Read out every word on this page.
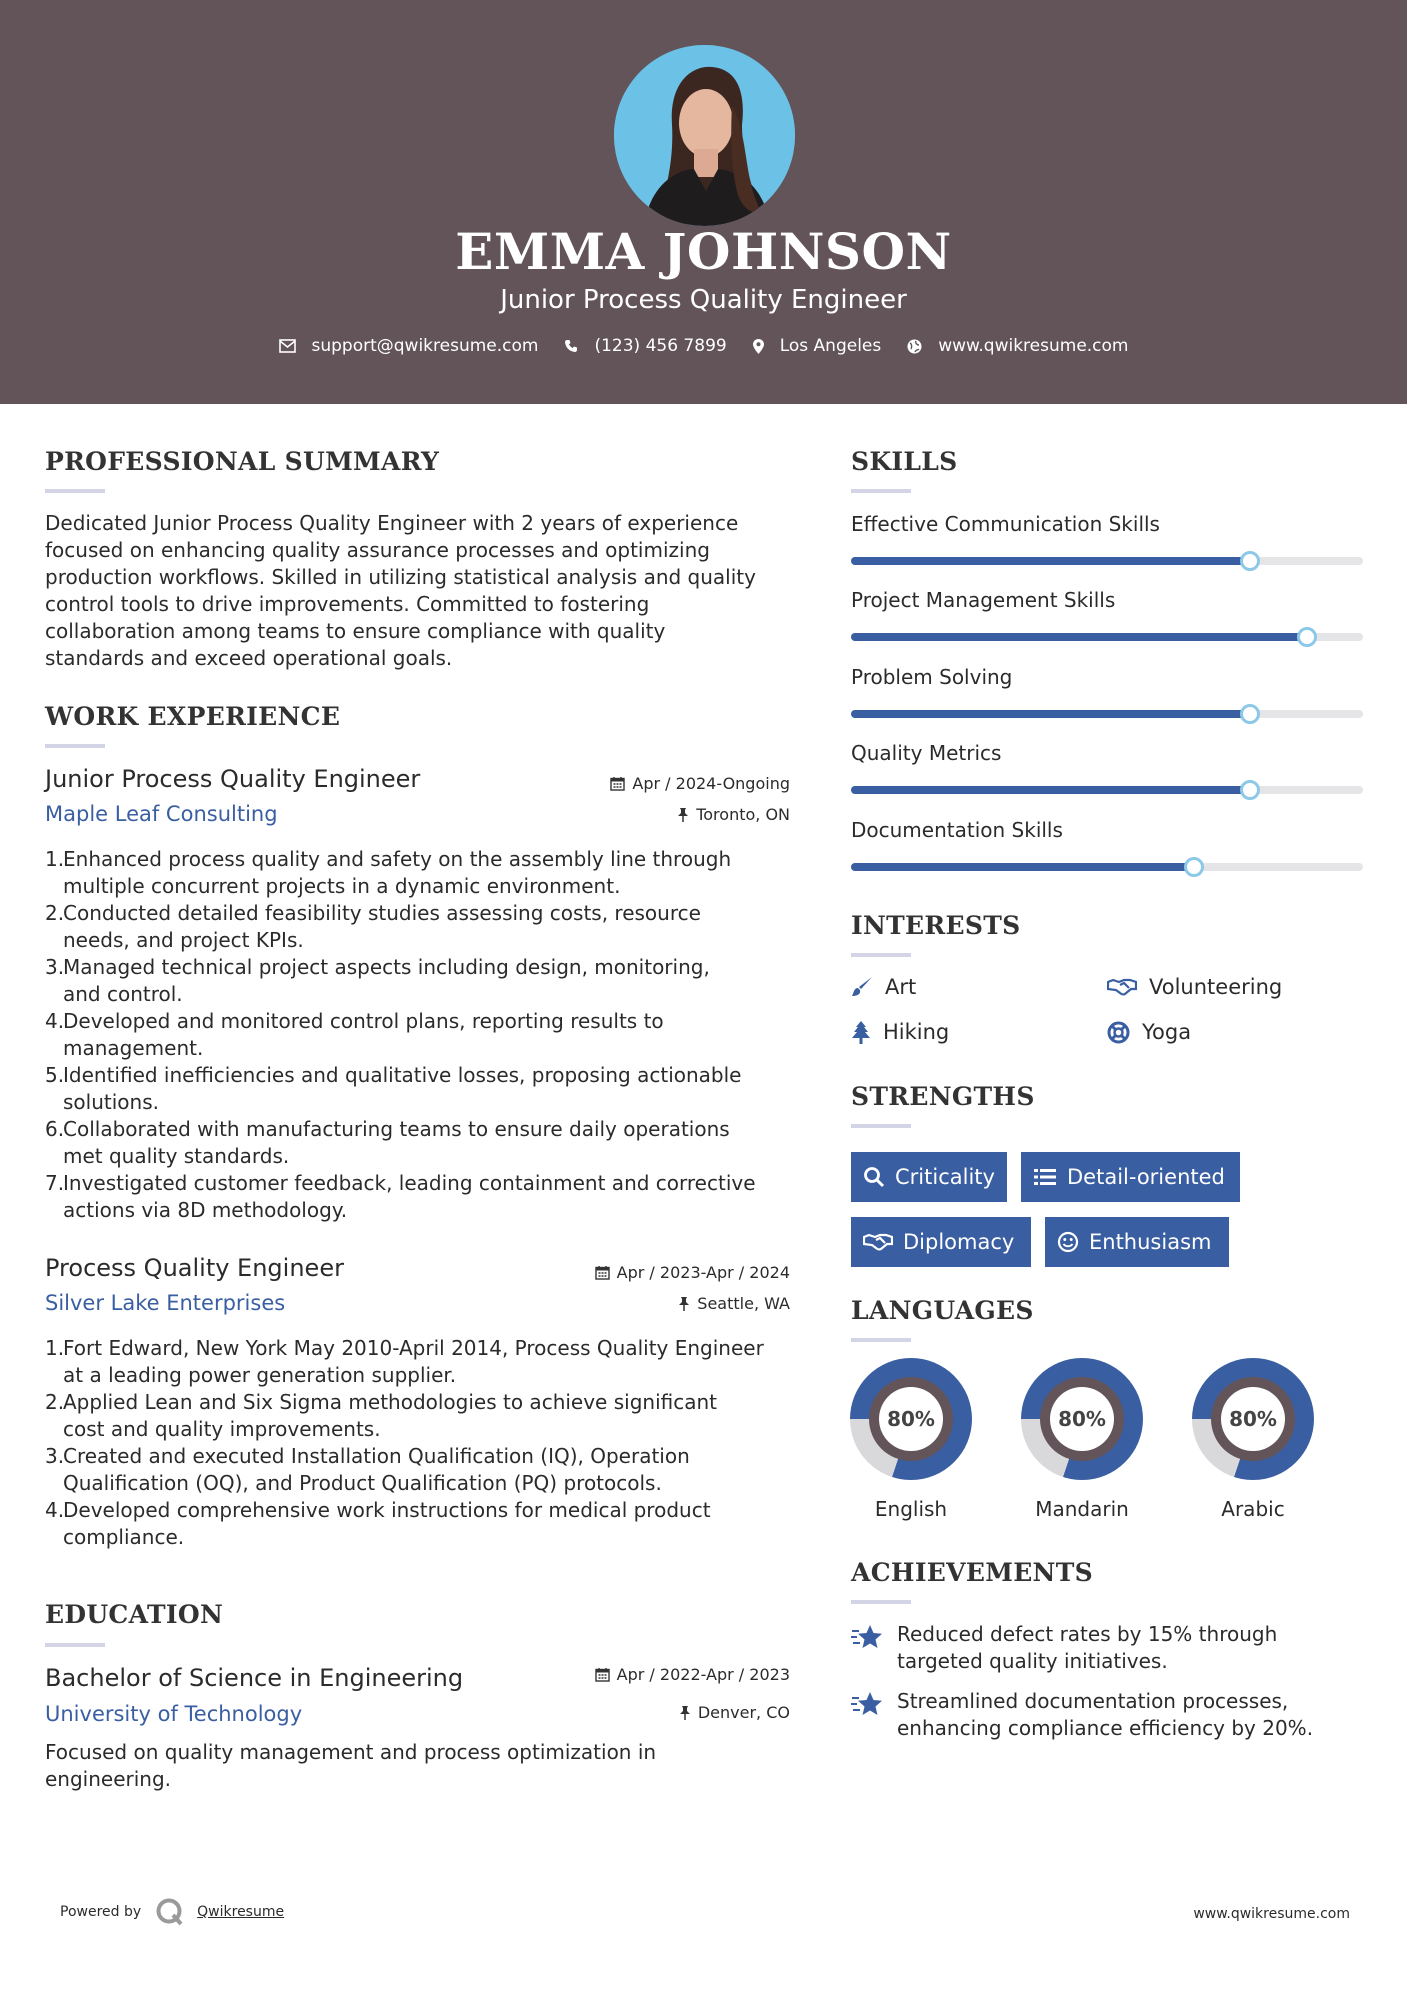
EMMA JOHNSON
Junior Process Quality Engineer
support@qwikresume.com	(123) 456 7899	Los Angeles	www.qwikresume.com
PROFESSIONAL SUMMARY
Dedicated Junior Process Quality Engineer with 2 years of experience
focused on enhancing quality assurance processes and optimizing
production workflows. Skilled in utilizing statistical analysis and quality
control tools to drive improvements. Committed to fostering
collaboration among teams to ensure compliance with quality
standards and exceed operational goals.
WORK EXPERIENCE
Junior Process Quality Engineer	Apr / 2024-Ongoing
Maple Leaf Consulting	Toronto, ON
1.
Enhanced process quality and safety on the assembly line through
multiple concurrent projects in a dynamic environment.
2.
Conducted detailed feasibility studies assessing costs, resource
needs, and project KPIs.
3.
Managed technical project aspects including design, monitoring,
and control.
4.
Developed and monitored control plans, reporting results to
management.
5.
Identified inefficiencies and qualitative losses, proposing actionable
solutions.
6.
Collaborated with manufacturing teams to ensure daily operations
met quality standards.
7.
Investigated customer feedback, leading containment and corrective
actions via 8D methodology.
Process Quality Engineer	Apr / 2023-Apr / 2024
Silver Lake Enterprises	Seattle, WA
1.
Fort Edward, New York May 2010-April 2014, Process Quality Engineer
at a leading power generation supplier.
2.
Applied Lean and Six Sigma methodologies to achieve significant
cost and quality improvements.
3.
Created and executed Installation Qualification (IQ), Operation
Qualification (OQ), and Product Qualification (PQ) protocols.
4.
Developed comprehensive work instructions for medical product
compliance.
EDUCATION
Bachelor of Science in Engineering	Apr / 2022-Apr / 2023
University of Technology	Denver, CO
Focused on quality management and process optimization in
engineering.
SKILLS
Effective Communication Skills
Project Management Skills
Problem Solving
Quality Metrics
Documentation Skills
INTERESTS
Art	Volunteering
Hiking	Yoga
STRENGTHS
Criticality	Detail-oriented
Diplomacy	Enthusiasm
LANGUAGES
80%
English
80%
Mandarin
80%
Arabic
ACHIEVEMENTS
Reduced defect rates by 15% through
targeted quality initiatives.
Streamlined documentation processes,
enhancing compliance efficiency by 20%.
Powered by	Qwikresume	www.qwikresume.com
